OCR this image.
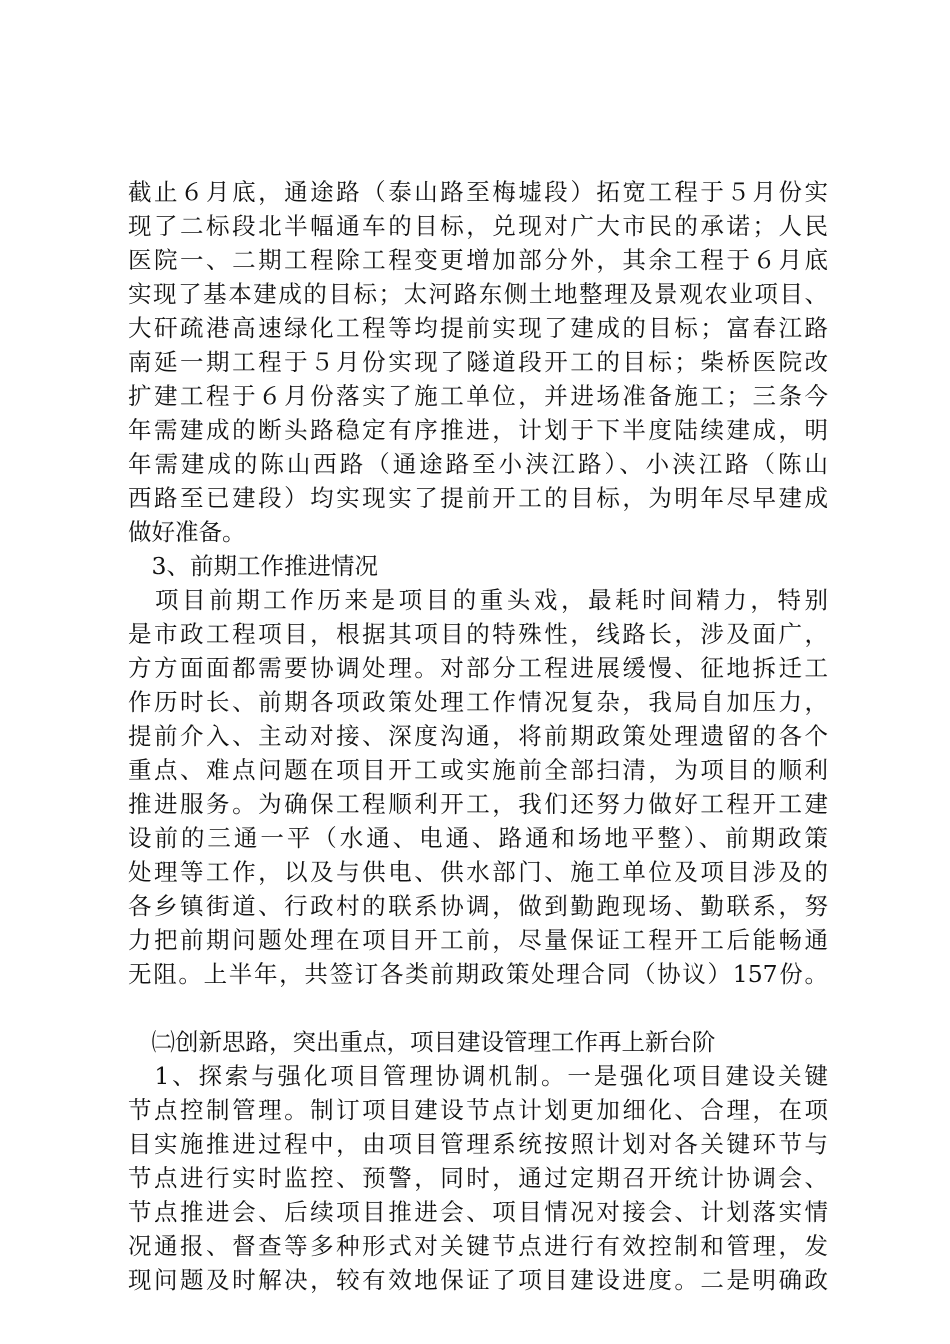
截止６月底，通途路（泰山路至梅墟段）拓宽工程于５月份实
现了二标段北半幅通车的目标，兑现对广大市民的承诺；人民
医院一、二期工程除工程变更增加部分外，其余工程于６月底
实现了基本建成的目标；太河路东侧土地整理及景观农业项目、
大矸疏港高速绿化工程等均提前实现了建成的目标；富春江路
南延一期工程于５月份实现了隧道段开工的目标；柴桥医院改
扩建工程于６月份落实了施工单位，并进场准备施工；三条今
年需建成的断头路稳定有序推进，计划于下半度陆续建成，明
年需建成的陈山西路（通途路至小浃江路）、小浃江路（陈山
西路至已建段）均实现实了提前开工的目标，为明年尽早建成
做好准备。
　3、前期工作推进情况
　项目前期工作历来是项目的重头戏，最耗时间精力，特别
是市政工程项目，根据其项目的特殊性，线路长，涉及面广，
方方面面都需要协调处理。对部分工程进展缓慢、征地拆迁工
作历时长、前期各项政策处理工作情况复杂，我局自加压力，
提前介入、主动对接、深度沟通，将前期政策处理遗留的各个
重点、难点问题在项目开工或实施前全部扫清，为项目的顺利
推进服务。为确保工程顺利开工，我们还努力做好工程开工建
设前的三通一平（水通、电通、路通和场地平整）、前期政策
处理等工作，以及与供电、供水部门、施工单位及项目涉及的
各乡镇街道、行政村的联系协调，做到勤跑现场、勤联系，努
力把前期问题处理在项目开工前，尽量保证工程开工后能畅通
无阻。上半年，共签订各类前期政策处理合同（协议）157份。
　㈡创新思路，突出重点，项目建设管理工作再上新台阶
　1、探索与强化项目管理协调机制。一是强化项目建设关键
节点控制管理。制订项目建设节点计划更加细化、合理，在项
目实施推进过程中，由项目管理系统按照计划对各关键环节与
节点进行实时监控、预警，同时，通过定期召开统计协调会、
节点推进会、后续项目推进会、项目情况对接会、计划落实情
况通报、督查等多种形式对关键节点进行有效控制和管理，发
现问题及时解决，较有效地保证了项目建设进度。二是明确政
